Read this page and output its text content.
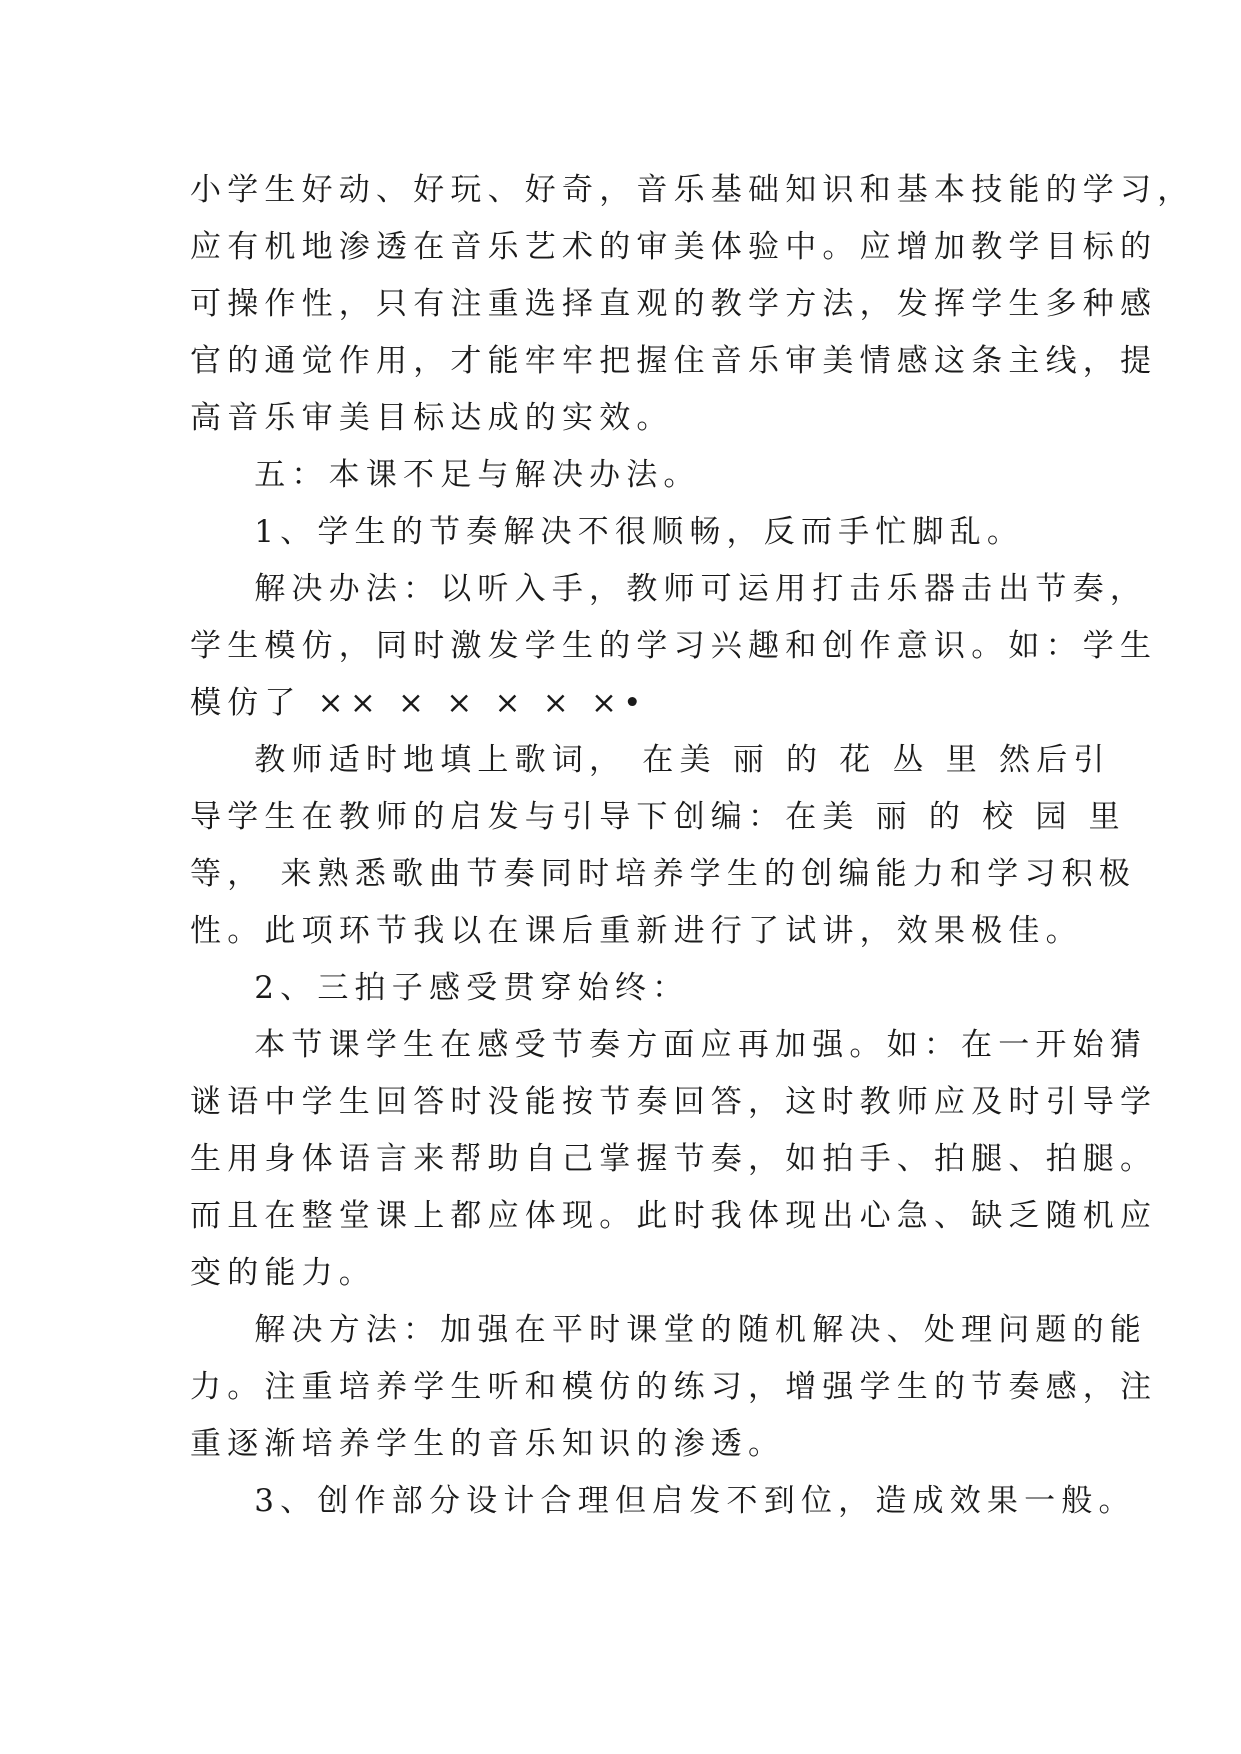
小学生好动、好玩、好奇，音乐基础知识和基本技能的学习，
应有机地渗透在音乐艺术的审美体验中。应增加教学目标的
可操作性，只有注重选择直观的教学方法，发挥学生多种感
官的通觉作用，才能牢牢把握住音乐审美情感这条主线，提
高音乐审美目标达成的实效。
五：本课不足与解决办法。
1、学生的节奏解决不很顺畅，反而手忙脚乱。
解决办法：以听入手，教师可运用打击乐器击出节奏，
学生模仿，同时激发学生的学习兴趣和创作意识。如：学生
模仿了 ×× × × × × ×•
教师适时地填上歌词， 在美 丽 的 花 丛 里 然后引
导学生在教师的启发与引导下创编：在美 丽 的 校 园 里
等， 来熟悉歌曲节奏同时培养学生的创编能力和学习积极
性。此项环节我以在课后重新进行了试讲，效果极佳。
2、三拍子感受贯穿始终：
本节课学生在感受节奏方面应再加强。如：在一开始猜
谜语中学生回答时没能按节奏回答，这时教师应及时引导学
生用身体语言来帮助自己掌握节奏，如拍手、拍腿、拍腿。
而且在整堂课上都应体现。此时我体现出心急、缺乏随机应
变的能力。
解决方法：加强在平时课堂的随机解决、处理问题的能
力。注重培养学生听和模仿的练习，增强学生的节奏感，注
重逐渐培养学生的音乐知识的渗透。
3、创作部分设计合理但启发不到位，造成效果一般。
